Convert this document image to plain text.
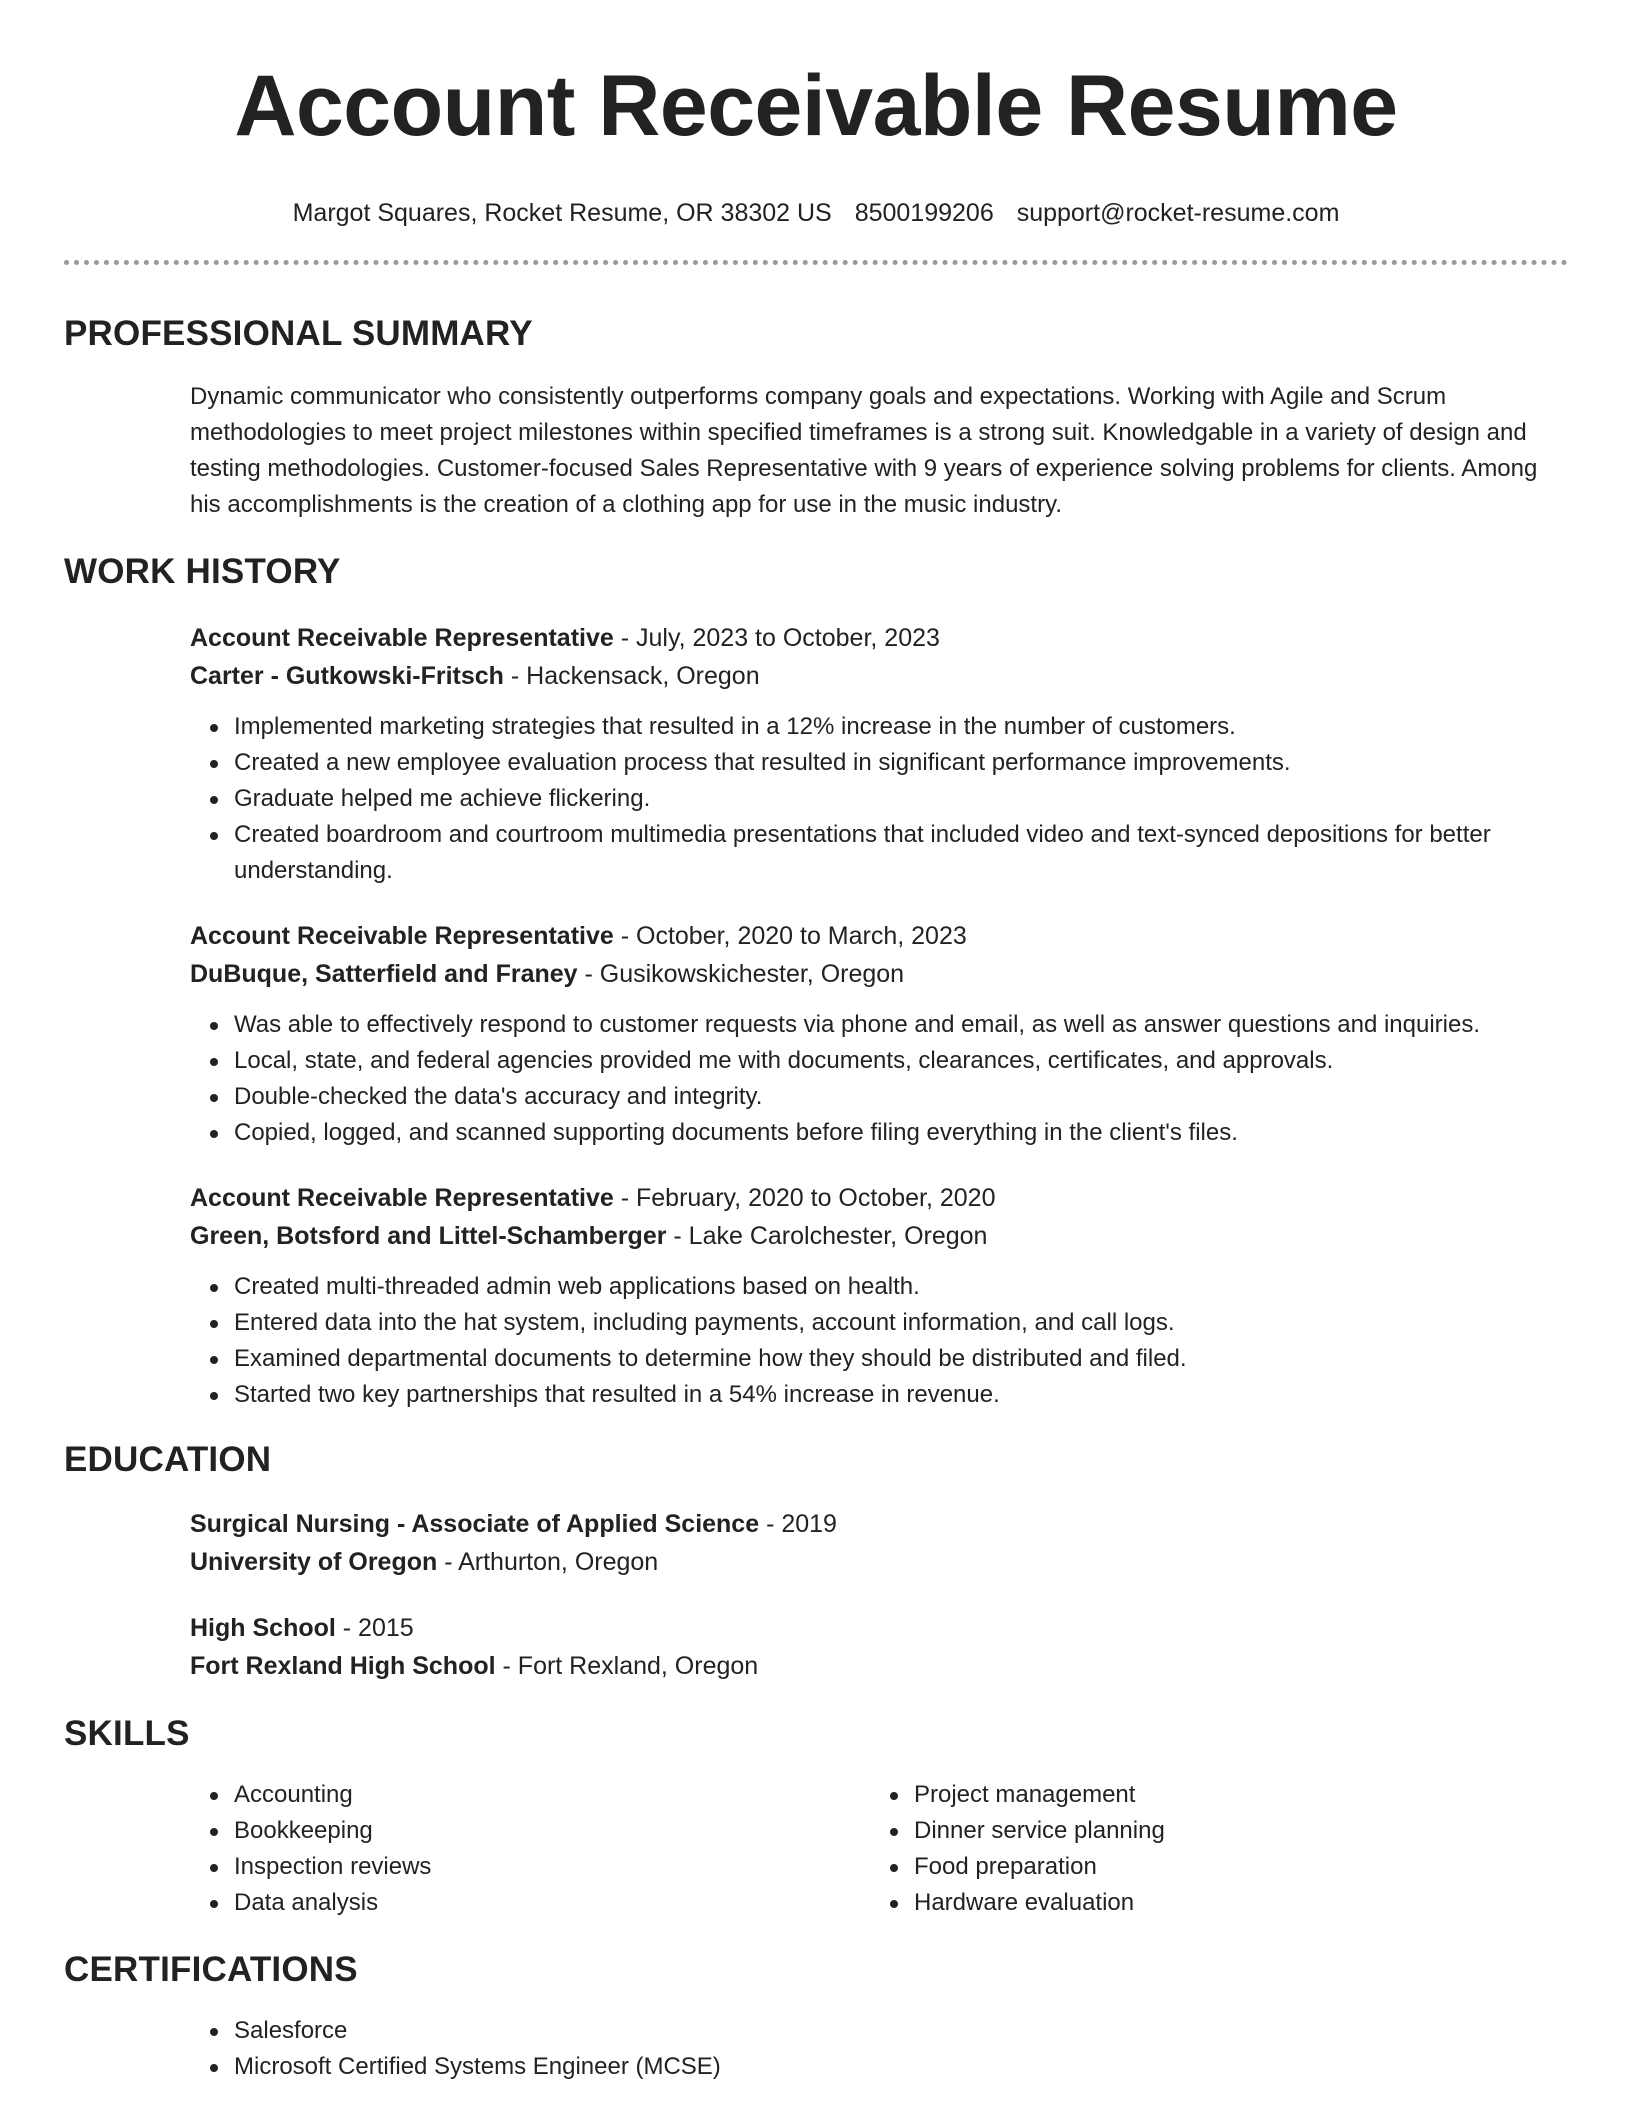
Account Receivable Resume
Margot Squares, Rocket Resume, OR 38302 US 8500199206 support@rocket-resume.com
PROFESSIONAL SUMMARY

Dynamic communicator who consistently outperforms company goals and expectations. Working with Agile and Scrum methodologies to meet project milestones within specified timeframes is a strong suit. Knowledgable in a variety of design and testing methodologies. Customer-focused Sales Representative with 9 years of experience solving problems for clients. Among his accomplishments is the creation of a clothing app for use in the music industry.

WORK HISTORY
Account Receivable Representative - July, 2023 to October, 2023
Carter - Gutkowski-Fritsch - Hackensack, Oregon
Implemented marketing strategies that resulted in a 12% increase in the number of customers.
Created a new employee evaluation process that resulted in significant performance improvements.
Graduate helped me achieve flickering.
Created boardroom and courtroom multimedia presentations that included video and text-synced depositions for better understanding.
Account Receivable Representative - October, 2020 to March, 2023
DuBuque, Satterfield and Franey - Gusikowskichester, Oregon
Was able to effectively respond to customer requests via phone and email, as well as answer questions and inquiries.
Local, state, and federal agencies provided me with documents, clearances, certificates, and approvals.
Double-checked the data's accuracy and integrity.
Copied, logged, and scanned supporting documents before filing everything in the client's files.
Account Receivable Representative - February, 2020 to October, 2020
Green, Botsford and Littel-Schamberger - Lake Carolchester, Oregon
Created multi-threaded admin web applications based on health.
Entered data into the hat system, including payments, account information, and call logs.
Examined departmental documents to determine how they should be distributed and filed.
Started two key partnerships that resulted in a 54% increase in revenue.
EDUCATION
Surgical Nursing - Associate of Applied Science - 2019
University of Oregon - Arthurton, Oregon
High School - 2015
Fort Rexland High School - Fort Rexland, Oregon
SKILLS
Accounting
Bookkeeping
Inspection reviews
Data analysis
Project management
Dinner service planning
Food preparation
Hardware evaluation
CERTIFICATIONS
Salesforce
Microsoft Certified Systems Engineer (MCSE)
